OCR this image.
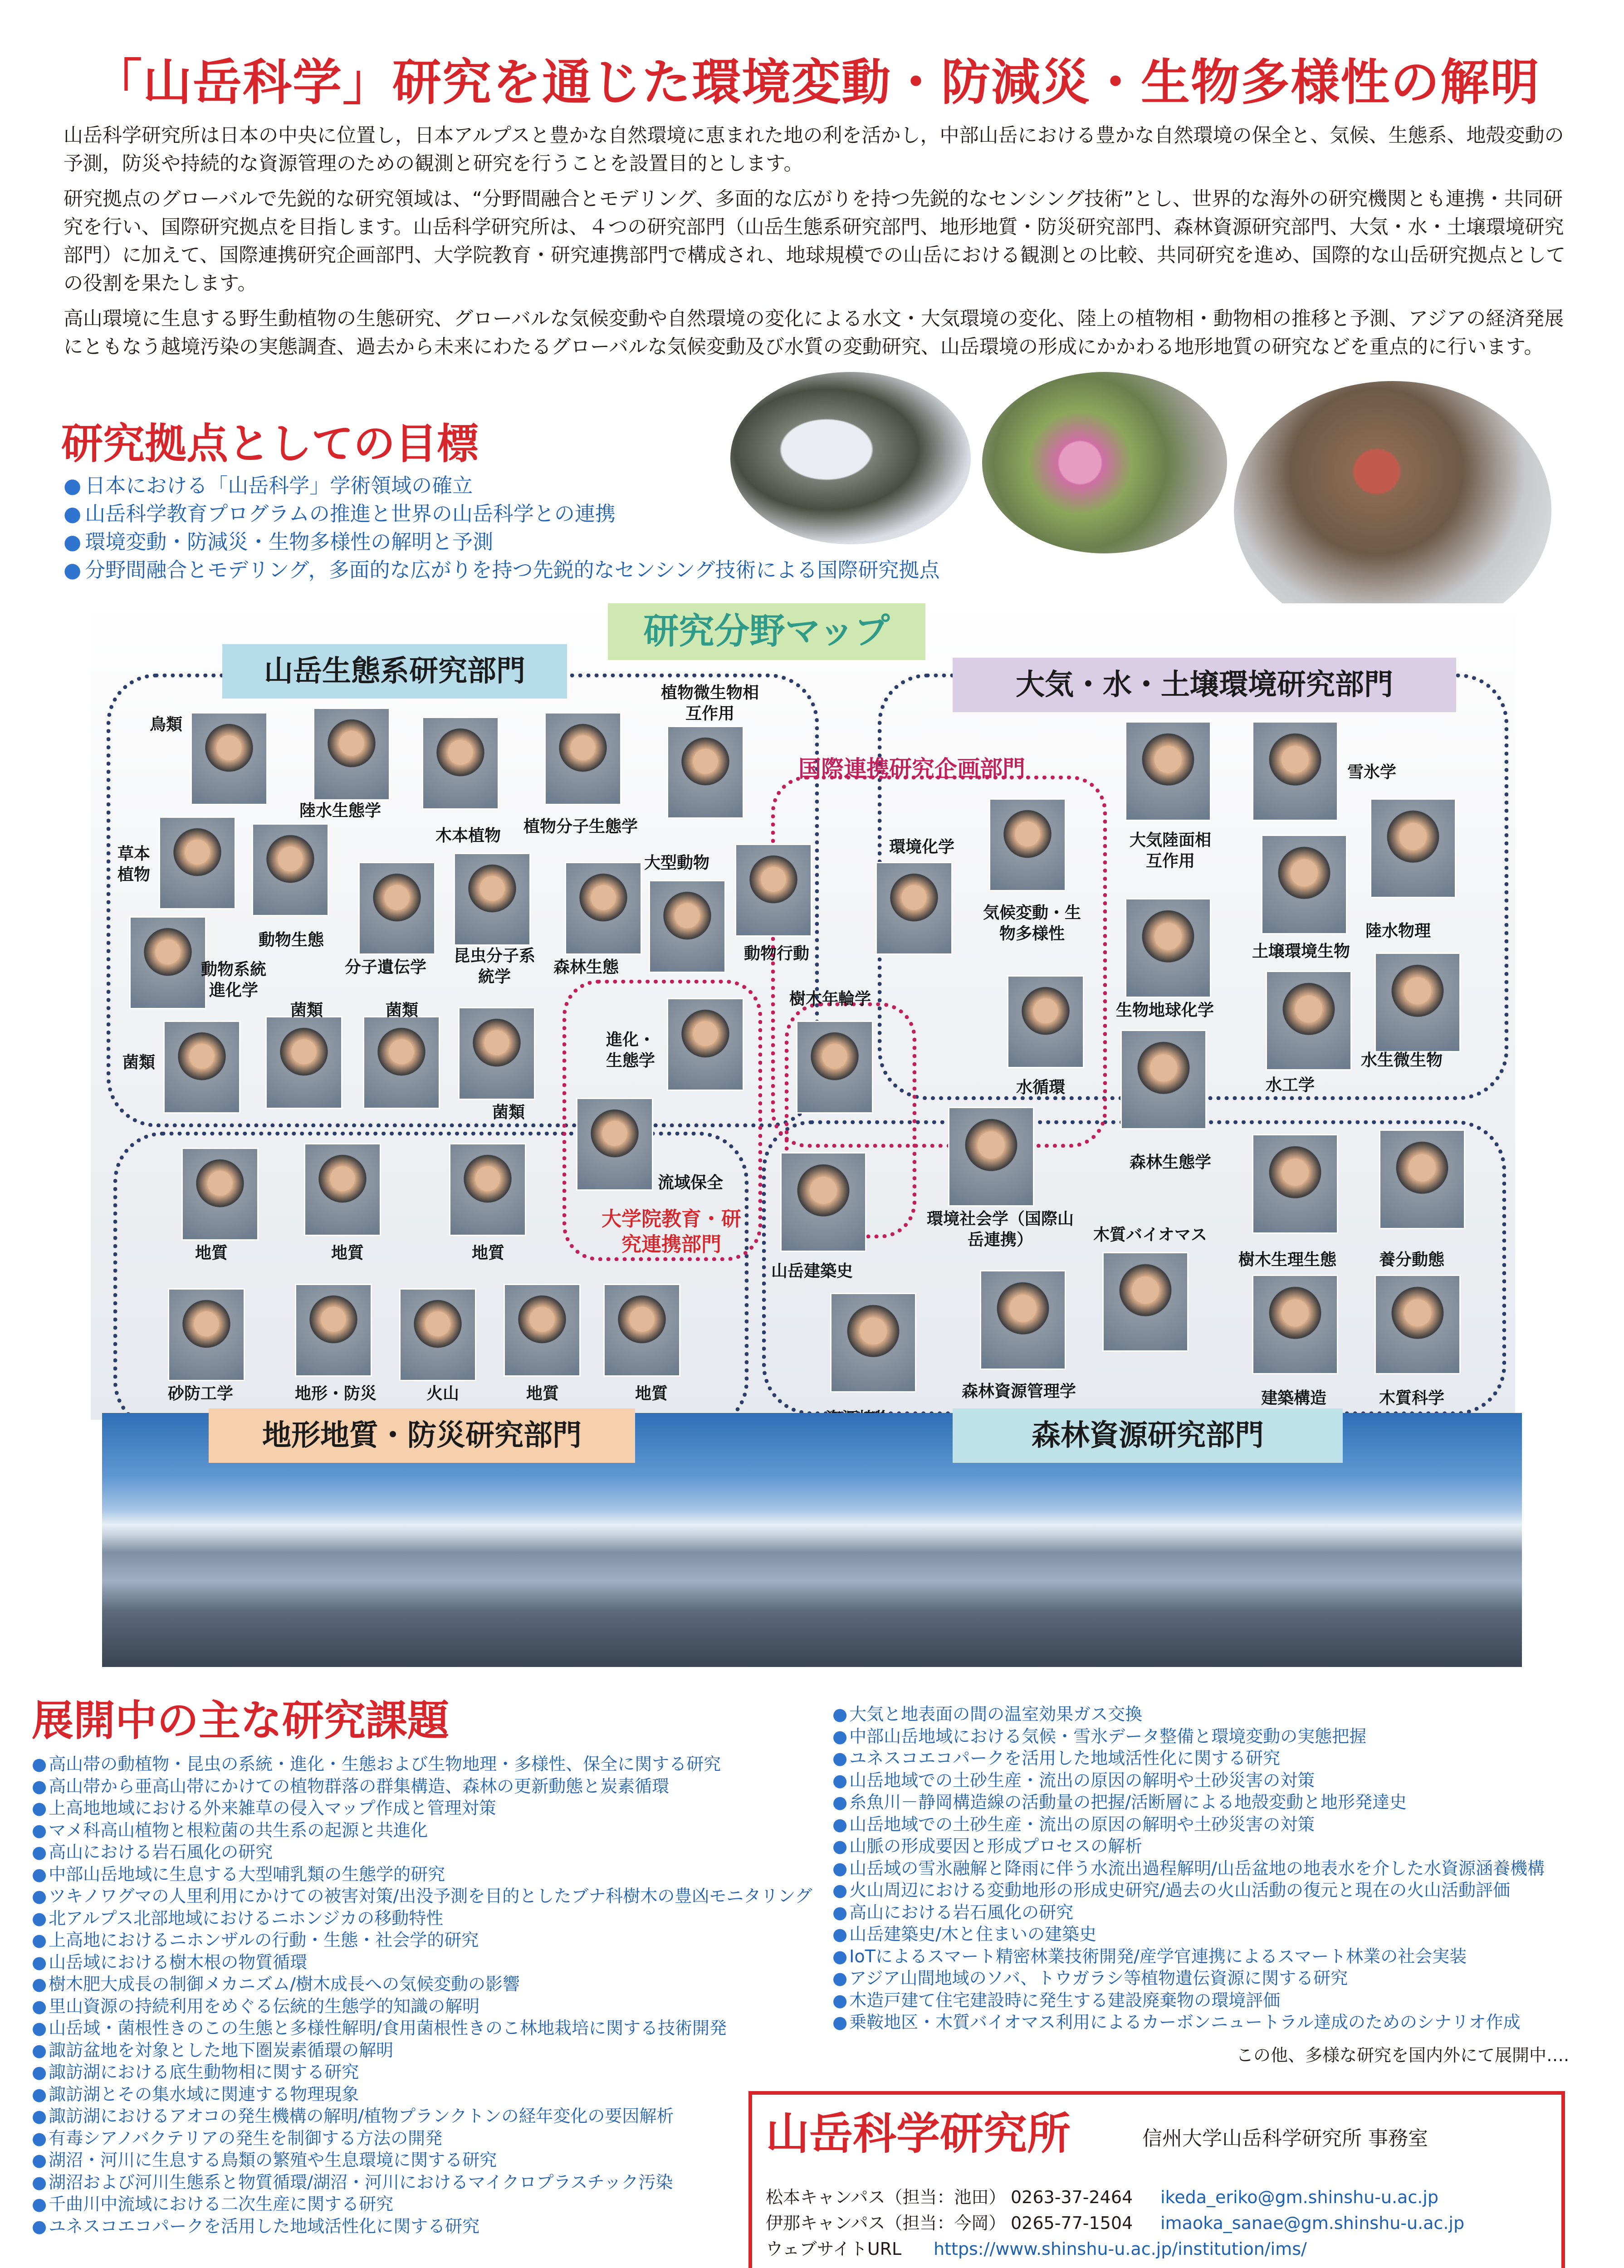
「山岳科学」研究を通じた環境変動・防減災・生物多様性の解明

山岳科学研究所は日本の中央に位置し，日本アルプスと豊かな自然環境に恵まれた地の利を活かし，中部山岳における豊かな自然環境の保全と、気候、生態系、地殻変動の予測，防災や持続的な資源管理のための観測と研究を行うことを設置目的とします。

研究拠点のグローバルで先鋭的な研究領域は、“分野間融合とモデリング、多面的な広がりを持つ先鋭的なセンシング技術”とし、世界的な海外の研究機関とも連携・共同研究を行い、国際研究拠点を目指します。山岳科学研究所は、４つの研究部門（山岳生態系研究部門、地形地質・防災研究部門、森林資源研究部門、大気・水・土壌環境研究部門）に加えて、国際連携研究企画部門、大学院教育・研究連携部門で構成され、地球規模での山岳における観測との比較、共同研究を進め、国際的な山岳研究拠点としての役割を果たします。

高山環境に生息する野生動植物の生態研究、グローバルな気候変動や自然環境の変化による水文・大気環境の変化、陸上の植物相・動物相の推移と予測、アジアの経済発展にともなう越境汚染の実態調査、過去から未来にわたるグローバルな気候変動及び水質の変動研究、山岳環境の形成にかかわる地形地質の研究などを重点的に行います。

研究拠点としての目標
● 日本における「山岳科学」学術領域の確立
● 山岳科学教育プログラムの推進と世界の山岳科学との連携
● 環境変動・防減災・生物多様性の解明と予測
● 分野間融合とモデリング，多面的な広がりを持つ先鋭的なセンシング技術による国際研究拠点
研究分野マップ
山岳生態系研究部門	大気・水・土壌環境研究部門
国際連携研究企画部門
鳥類
陸水生態学
木本植物 植物分子生態学
植物微生物相互作用
草本植物
動物生態
分子遺伝学
昆虫分子系統学
森林生態
大型動物
動物行動
動物系統進化学
菌類
菌類	菌類
菌類
環境化学
気候変動・生物多様性
樹木年輪学
水循環
進化・生態学
流域保全
大学院教育・研究連携部門
大気陸面相互作用
雪氷学
土壌環境生物
陸水物理
生物地球化学
水生微生物
水工学
森林生態学
地質	地質	地質
砂防工学	地形・防災	火山	地質	地質
山岳建築史
環境社会学（国際山岳連携）	木質バイオマス
樹木生理生態	養分動態
森林資源管理学	建築構造	木質科学
地形地質・防災研究部門	森林資源研究部門
展開中の主な研究課題
● 高山帯の動植物・昆虫の系統・進化・生態および生物地理・多様性、保全に関する研究
● 高山帯から亜高山帯にかけての植物群落の群集構造、森林の更新動態と炭素循環
● 上高地地域における外来雑草の侵入マップ作成と管理対策
● マメ科高山植物と根粒菌の共生系の起源と共進化
● 高山における岩石風化の研究
● 中部山岳地域に生息する大型哺乳類の生態学的研究
● ツキノワグマの人里利用にかけての被害対策/出没予測を目的としたブナ科樹木の豊凶モニタリング
● 北アルプス北部地域におけるニホンジカの移動特性
● 上高地におけるニホンザルの行動・生態・社会学的研究
● 山岳域における樹木根の物質循環
● 樹木肥大成長の制御メカニズム/樹木成長への気候変動の影響
● 里山資源の持続利用をめぐる伝統的生態学的知識の解明
● 山岳域・菌根性きのこの生態と多様性解明/食用菌根性きのこ林地栽培に関する技術開発
● 諏訪盆地を対象とした地下圏炭素循環の解明
● 諏訪湖における底生動物相に関する研究
● 諏訪湖とその集水域に関連する物理現象
● 諏訪湖におけるアオコの発生機構の解明/植物プランクトンの経年変化の要因解析
● 有毒シアノバクテリアの発生を制御する方法の開発
● 湖沼・河川に生息する鳥類の繁殖や生息環境に関する研究
● 湖沼および河川生態系と物質循環/湖沼・河川におけるマイクロプラスチック汚染
● 千曲川中流域における二次生産に関する研究
● ユネスコエコパークを活用した地域活性化に関する研究
● 大気と地表面の間の温室効果ガス交換
● 中部山岳地域における気候・雪氷データ整備と環境変動の実態把握
● ユネスコエコパークを活用した地域活性化に関する研究
● 山岳地域での土砂生産・流出の原因の解明や土砂災害の対策
● 糸魚川－静岡構造線の活動量の把握/活断層による地殻変動と地形発達史
● 山岳地域での土砂生産・流出の原因の解明や土砂災害の対策
● 山脈の形成要因と形成プロセスの解析
● 山岳域の雪氷融解と降雨に伴う水流出過程解明/山岳盆地の地表水を介した水資源涵養機構
● 火山周辺における変動地形の形成史研究/過去の火山活動の復元と現在の火山活動評価
● 高山における岩石風化の研究
● 山岳建築史/木と住まいの建築史
● IoTによるスマート精密林業技術開発/産学官連携によるスマート林業の社会実装
● アジア山間地域のソバ、トウガラシ等植物遺伝資源に関する研究
● 木造戸建て住宅建設時に発生する建設廃棄物の環境評価
● 乗鞍地区・木質バイオマス利用によるカーボンニュートラル達成のためのシナリオ作成
この他、多様な研究を国内外にて展開中….
山岳科学研究所	信州大学山岳科学研究所 事務室
松本キャンパス（担当：池田） 0263-37-2464 ikeda_eriko@gm.shinshu-u.ac.jp
伊那キャンパス（担当：今岡） 0265-77-1504 imaoka_sanae@gm.shinshu-u.ac.jp
ウェブサイトURL https://www.shinshu-u.ac.jp/institution/ims/
